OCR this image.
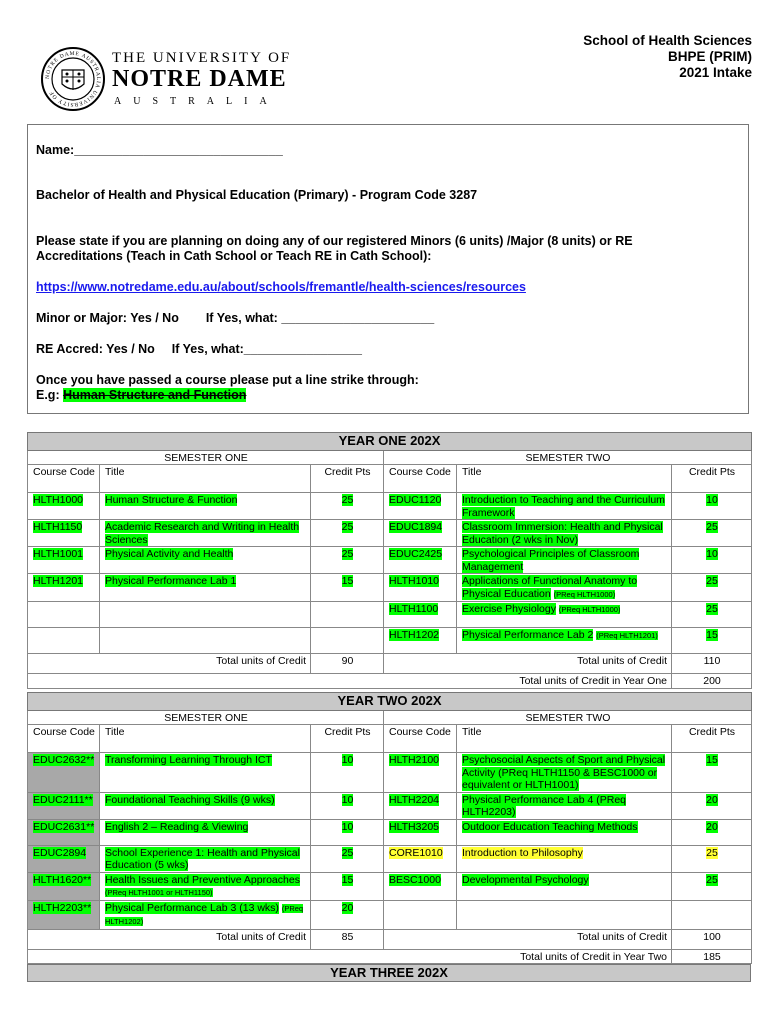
NOTRE DAME AUSTRALIA UNIVERSITY OF
THE UNIVERSITY OF
NOTRE DAME
AUSTRALIA
School of Health Sciences
BHPE (PRIM)
2021 Intake
Name:______________________________
Bachelor of Health and Physical Education (Primary) - Program Code 3287
Please state if you are planning on doing any of our registered Minors (6 units) /Major (8 units) or RE
Accreditations (Teach in Cath School or Teach RE in Cath School):
https://www.notredame.edu.au/about/schools/fremantle/health-sciences/resources
Minor or Major: Yes / No If Yes, what: ______________________
RE Accred: Yes / No If Yes, what:_________________
Once you have passed a course please put a line strike through:
E.g: Human Structure and Function
YEAR ONE 202X					
SEMESTER ONE			SEMESTER TWO		
Course Code	Title	Credit Pts	Course Code	Title	Credit Pts
HLTH1000	Human Structure & Function	25	EDUC1120	Introduction to Teaching and the Curriculum Framework	10
HLTH1150	Academic Research and Writing in Health Sciences	25	EDUC1894	Classroom Immersion: Health and Physical Education (2 wks in Nov)	25
HLTH1001	Physical Activity and Health	25	EDUC2425	Psychological Principles of Classroom Management	10
HLTH1201	Physical Performance Lab 1	15	HLTH1010	Applications of Functional Anatomy to Physical Education (PReq HLTH1000)	25
			HLTH1100	Exercise Physiology (PReq HLTH1000)	25
			HLTH1202	Physical Performance Lab 2 (PReq HLTH1201)	15
Total units of Credit		90	Total units of Credit		110
Total units of Credit in Year One					200
YEAR TWO 202X					
SEMESTER ONE			SEMESTER TWO		
Course Code	Title	Credit Pts	Course Code	Title	Credit Pts
EDUC2632**	Transforming Learning Through ICT	10	HLTH2100	Psychosocial Aspects of Sport and Physical Activity (PReq HLTH1150 & BESC1000 or equivalent or HLTH1001)	15
EDUC2111**	Foundational Teaching Skills (9 wks)	10	HLTH2204	Physical Performance Lab 4 (PReq HLTH2203)	20
EDUC2631**	English 2 – Reading & Viewing	10	HLTH3205	Outdoor Education Teaching Methods	20
EDUC2894	School Experience 1: Health and Physical Education (5 wks)	25	CORE1010	Introduction to Philosophy	25
HLTH1620**	Health Issues and Preventive Approaches (PReq HLTH1001 or HLTH1150)	15	BESC1000	Developmental Psychology	25
HLTH2203**	Physical Performance Lab 3 (13 wks) (PReq HLTH1202)	20			
Total units of Credit		85	Total units of Credit		100
Total units of Credit in Year Two					185
YEAR THREE 202X
